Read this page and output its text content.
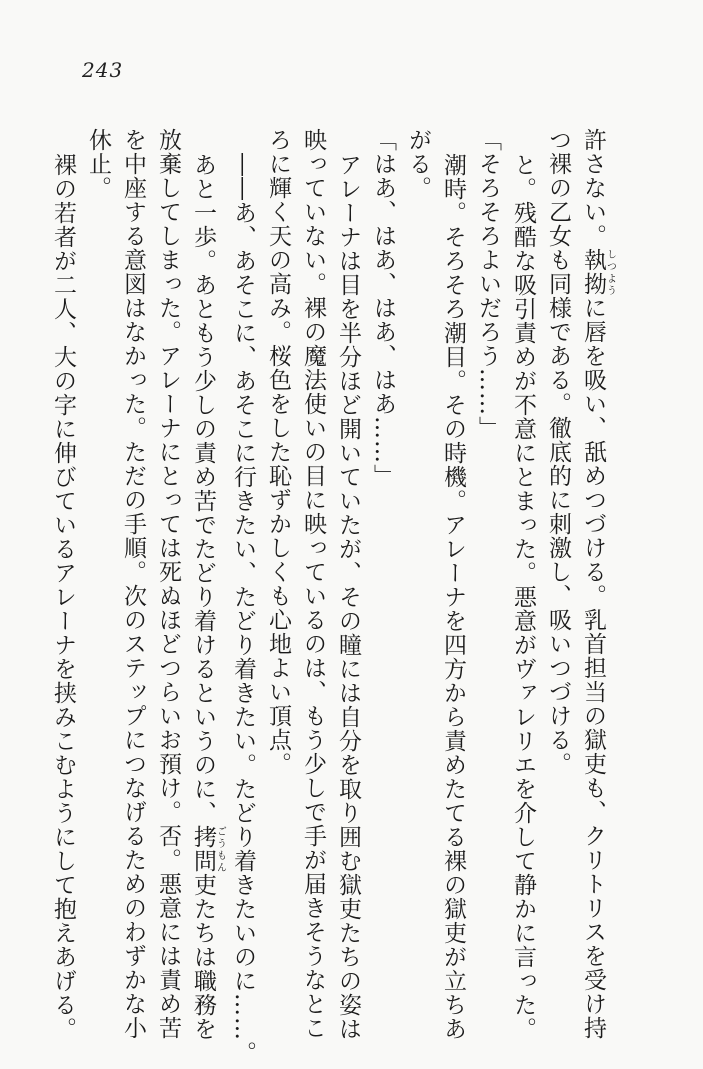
243

許さない。執拗しつように唇を吸い、舐めつづける。乳首担当の獄吏も、クリトリスを受け持

つ裸の乙女も同様である。徹底的に刺激し、吸いつづける。

と。残酷な吸引責めが不意にとまった。悪意がヴァレリエを介して静かに言った。

「そろそろよいだろう……」

潮時。そろそろ潮目。その時機。アレーナを四方から責めたてる裸の獄吏が立ちあ

がる。

「はあ、はあ、はあ、はあ……」

アレーナは目を半分ほど開いていたが、その瞳には自分を取り囲む獄吏たちの姿は

映っていない。裸の魔法使いの目に映っているのは、もう少しで手が届きそうなとこ

ろに輝く天の高み。桜色をした恥ずかしくも心地よい頂点。

――あ、あそこに、あそこに行きたい、たどり着きたい。たどり着きたいのに……。

あと一歩。あともう少しの責め苦でたどり着けるというのに、拷問ごうもん吏たちは職務を

放棄してしまった。アレーナにとっては死ぬほどつらいお預け。否。悪意には責め苦

を中座する意図はなかった。ただの手順。次のステップにつなげるためのわずかな小

休止。

裸の若者が二人、大の字に伸びているアレーナを挟みこむようにして抱えあげる。
